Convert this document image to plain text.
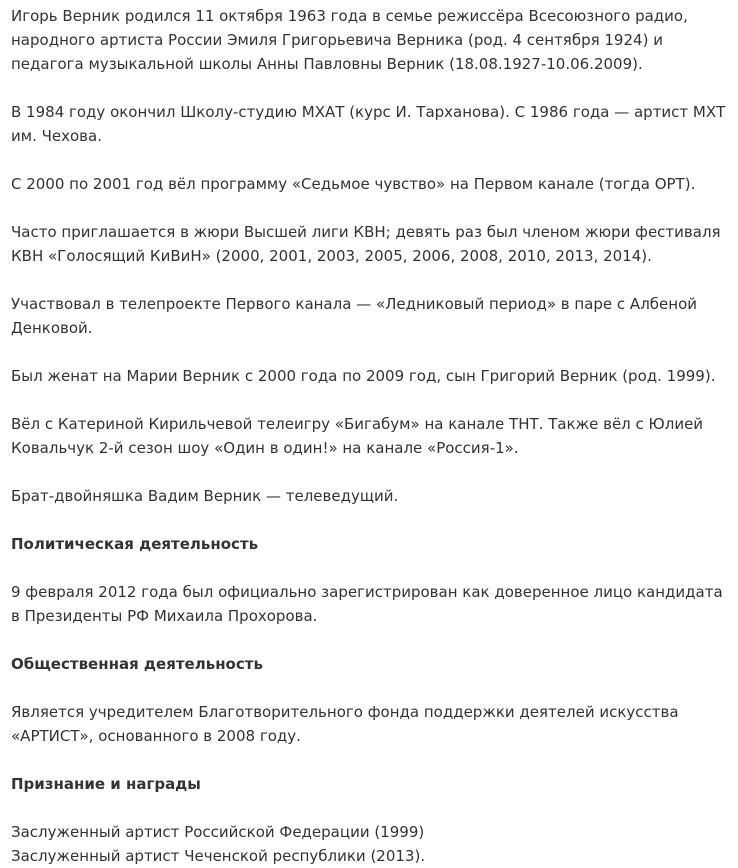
Игорь Верник родился 11 октября 1963 года в семье режиссёра Всесоюзного радио, народного артиста России Эмиля Григорьевича Верника (род. 4 сентября 1924) и педагога музыкальной школы Анны Павловны Верник (18.08.1927-10.06.2009).

В 1984 году окончил Школу-студию МХАТ (курс И. Тарханова). С 1986 года — артист МХТ им. Чехова.

С 2000 по 2001 год вёл программу «Седьмое чувство» на Первом канале (тогда ОРТ).

Часто приглашается в жюри Высшей лиги КВН; девять раз был членом жюри фестиваля КВН «Голосящий КиВиН» (2000, 2001, 2003, 2005, 2006, 2008, 2010, 2013, 2014).

Участвовал в телепроекте Первого канала — «Ледниковый период» в паре с Албеной Денковой.

Был женат на Марии Верник с 2000 года по 2009 год, сын Григорий Верник (род. 1999).

Вёл с Катериной Кирильчевой телеигру «Бигабум» на канале ТНТ. Также вёл с Юлией Ковальчук 2-й сезон шоу «Один в один!» на канале «Россия-1».

Брат-двойняшка Вадим Верник — телеведущий.

Политическая деятельность

9 февраля 2012 года был официально зарегистрирован как доверенное лицо кандидата в Президенты РФ Михаила Прохорова.

Общественная деятельность

Является учредителем Благотворительного фонда поддержки деятелей искусства «АРТИСТ», основанного в 2008 году.

Признание и награды

Заслуженный артист Российской Федерации (1999)

Заслуженный артист Чеченской республики (2013).
